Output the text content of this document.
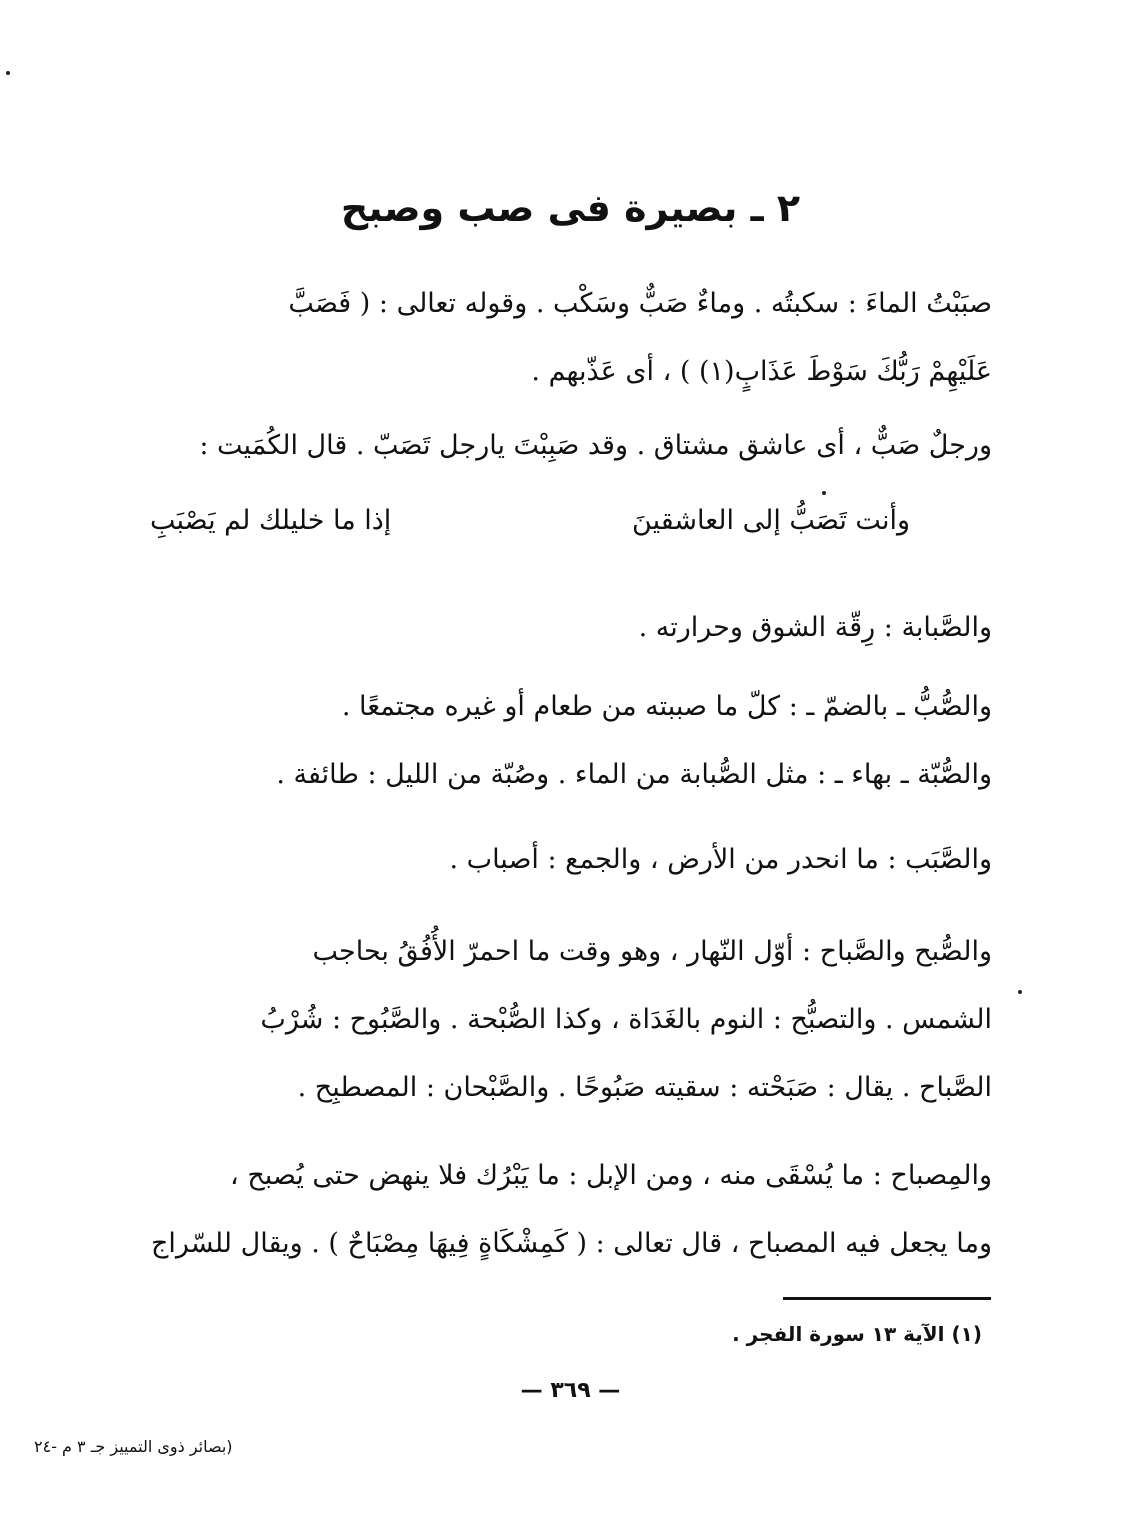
٢ ـ بصيرة فى صب وصبح
صبَبْتُ الماءَ : سكبتُه . وماءٌ صَبٌّ وسَكْب . وقوله تعالى : ( فَصَبَّ
عَلَيْهِمْ رَبُّكَ سَوْطَ عَذَابٍ(١) ) ، أى عَذّبهم .
ورجلٌ صَبٌّ ، أى عاشق مشتاق . وقد صَبِبْتَ يارجل تَصَبّ . قال الكُمَيت :
وأنت تَصَبُّ إلى العاشقينَ
إذا ما خليلك لم يَصْبَبِ
والصَّبابة : رِقّة الشوق وحرارته .
والصُّبُّ ـ بالضمّ ـ : كلّ ما صببته من طعام أو غيره مجتمعًا .
والصُّبّة ـ بهاء ـ : مثل الصُّبابة من الماء . وصُبّة من الليل : طائفة .
والصَّبَب : ما انحدر من الأرض ، والجمع : أصباب .
والصُّبح والصَّباح : أوّل النّهار ، وهو وقت ما احمرّ الأُفُقُ بحاجب
الشمس . والتصبُّح : النوم بالغَدَاة ، وكذا الصُّبْحة . والصَّبُوح : شُرْبُ
الصَّباح . يقال : صَبَحْته : سقيته صَبُوحًا . والصَّبْحان : المصطبِح .
والمِصباح : ما يُسْقَى منه ، ومن الإبل : ما يَبْرُك فلا ينهض حتى يُصبح ،
وما يجعل فيه المصباح ، قال تعالى : ( كَمِشْكَاةٍ فِيهَا مِصْبَاحٌ ) . ويقال للسّراج
(١) الآية ١٣ سورة الفجر .
— ٣٦٩ —
(بصائر ذوى التمييز جـ ٣ م -٢٤
